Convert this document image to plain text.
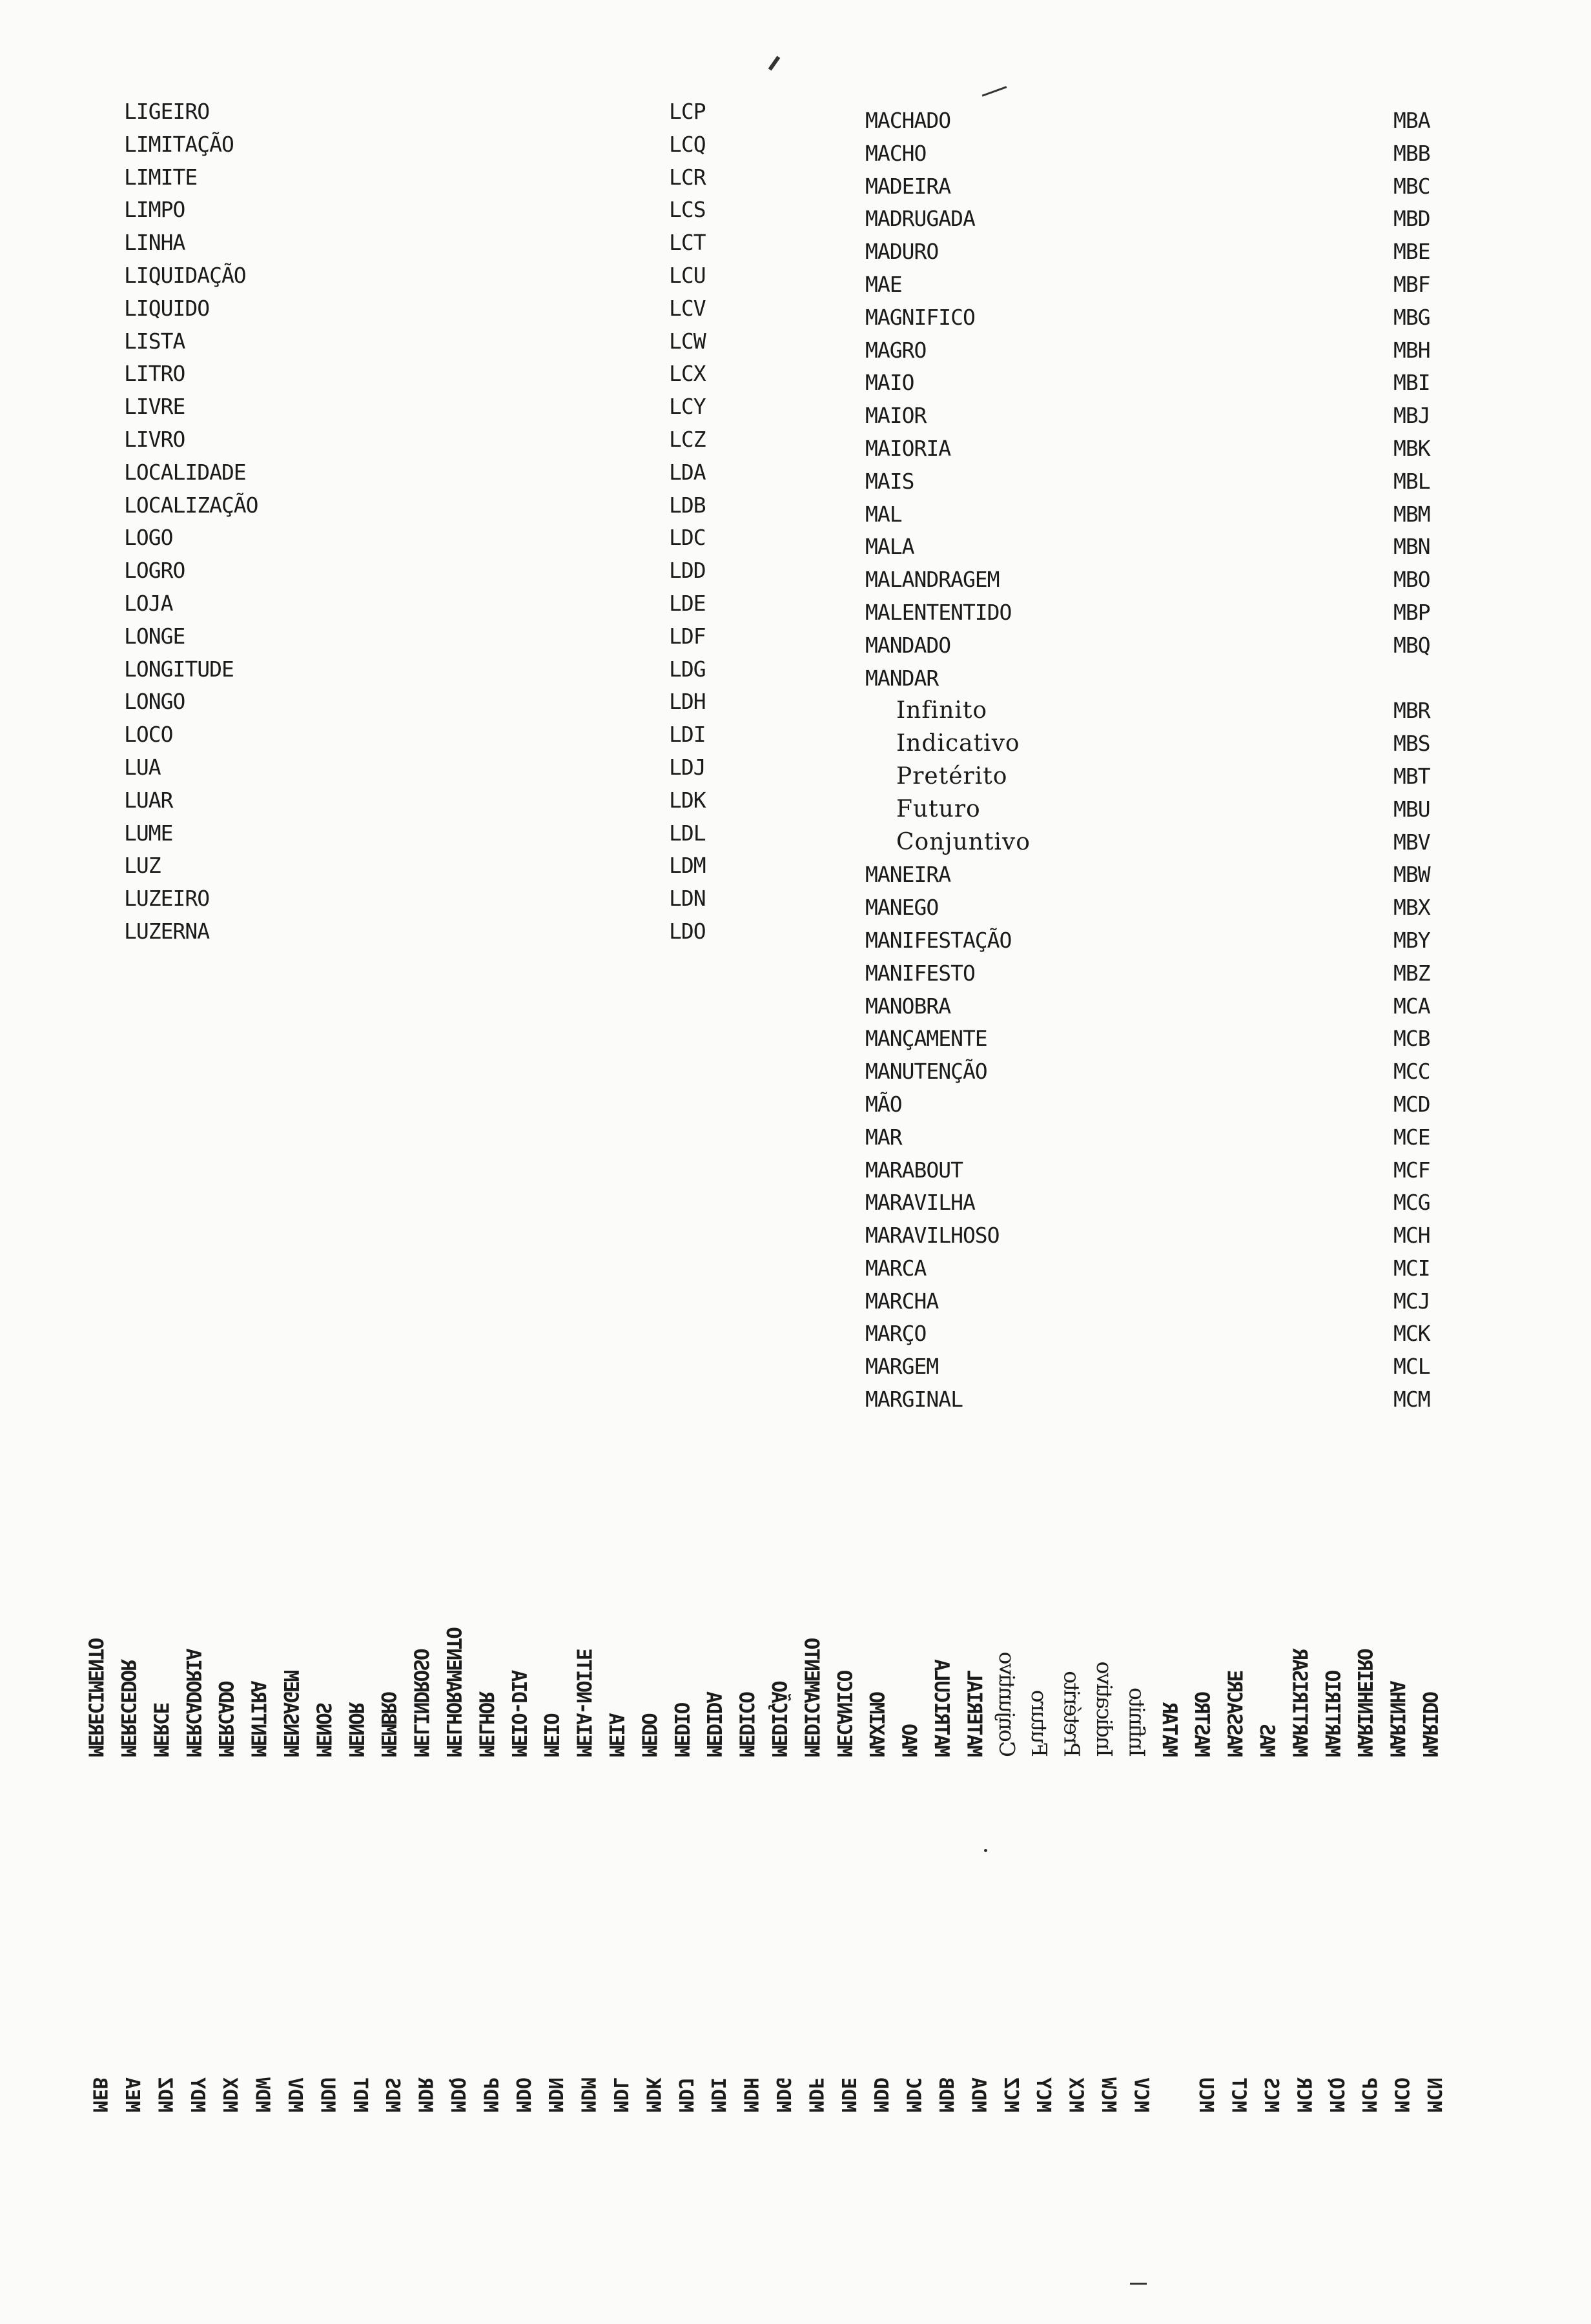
LIGEIRO
LIMITAÇÃO
LIMITE
LIMPO
LINHA
LIQUIDAÇÃO
LIQUIDO
LISTA
LITRO
LIVRE
LIVRO
LOCALIDADE
LOCALIZAÇÃO
LOGO
LOGRO
LOJA
LONGE
LONGITUDE
LONGO
LOCO
LUA
LUAR
LUME
LUZ
LUZEIRO
LUZERNA
LCP
LCQ
LCR
LCS
LCT
LCU
LCV
LCW
LCX
LCY
LCZ
LDA
LDB
LDC
LDD
LDE
LDF
LDG
LDH
LDI
LDJ
LDK
LDL
LDM
LDN
LDO
MACHADO
MACHO
MADEIRA
MADRUGADA
MADURO
MAE
MAGNIFICO
MAGRO
MAIO
MAIOR
MAIORIA
MAIS
MAL
MALA
MALANDRAGEM
MALENTENTIDO
MANDADO
MANDAR
Infinito
Indicativo
Pretérito
Futuro
Conjuntivo
MANEIRA
MANEGO
MANIFESTAÇÃO
MANIFESTO
MANOBRA
MANÇAMENTE
MANUTENÇÃO
MÃO
MAR
MARABOUT
MARAVILHA
MARAVILHOSO
MARCA
MARCHA
MARÇO
MARGEM
MARGINAL
MBA
MBB
MBC
MBD
MBE
MBF
MBG
MBH
MBI
MBJ
MBK
MBL
MBM
MBN
MBO
MBP
MBQ
MBR
MBS
MBT
MBU
MBV
MBW
MBX
MBY
MBZ
MCA
MCB
MCC
MCD
MCE
MCF
MCG
MCH
MCI
MCJ
MCK
MCL
MCM
MARIDO
MARINHA
MARINHEIRO
MARTIRIO
MARTIRISAR
MAS
MASSACRE
MASTRO
MATAR
Infinito
Indicativo
Pretérito
Futuro
Conjuntivo
MATERIAL
MATRICULA
MAO
MAXIMO
MECANICO
MEDICAMENTO
MEDIÇÃO
MEDICO
MEDIDA
MEDIO
MEDO
MEIA
MEIA-NOITE
MEIO
MEIO-DIA
MELHOR
MELHORAMENTO
MELINDROSO
MEMBRO
MENOR
MENOS
MENSAGEM
MENTIRA
MERCADO
MERCADORIA
MERCE
MERECEDOR
MERECIMENTO
MCN
MCO
MCP
MCQ
MCR
MCS
MCT
MCU
MCV
MCW
MCX
MCY
MCZ
MDA
MDB
MDC
MDD
MDE
MDF
MDG
MDH
MDI
MDJ
MDK
MDL
MDM
MDN
MDO
MDP
MDQ
MDR
MDS
MDT
MDU
MDV
MDW
MDX
MDY
MDZ
MEA
MEB
